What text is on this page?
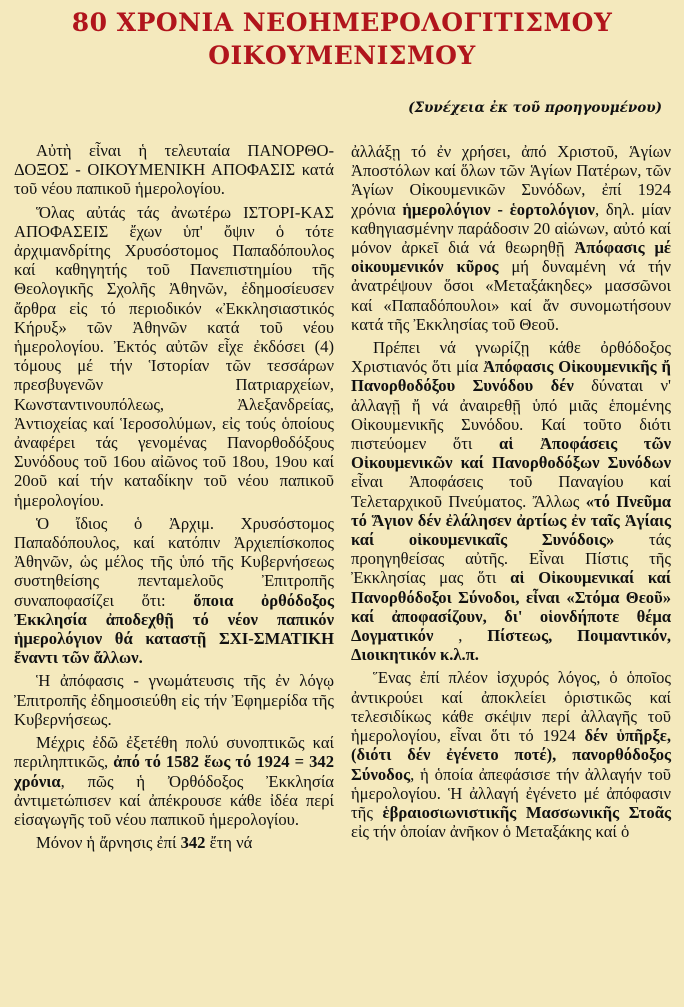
80 ΧΡΟΝΙΑ ΝΕΟΗΜΕΡΟΛΟΓΙΤΙΣΜΟΥ
ΟΙΚΟΥΜΕΝΙΣΜΟΥ
(Συνέχεια ἐκ τοῦ προηγουμένου)

Αὐτὴ εἶναι ἡ τελευταία ΠΑΝΟΡΘΟ-ΔΟΞΟΣ - ΟΙΚΟΥΜΕΝΙΚΗ ΑΠΟΦΑΣΙΣ κατά τοῦ νέου παπικοῦ ἡμερολογίου.

Ὅλας αὐτάς τάς ἀνωτέρω ΙΣΤΟΡΙ-ΚΑΣ ΑΠΟΦΑΣΕΙΣ ἔχων ὑπ' ὄψιν ὁ τότε ἀρχιμανδρίτης Χρυσόστομος Παπαδόπουλος καί καθηγητής τοῦ Πανεπιστημίου τῆς Θεολογικῆς Σχολῆς Ἀθηνῶν, ἐδημοσίευσεν ἄρθρα εἰς τό περιοδικόν «Ἐκκλησιαστικός Κήρυξ» τῶν Ἀθηνῶν κατά τοῦ νέου ἡμερολογίου. Ἐκτός αὐτῶν εἶχε ἐκδόσει (4) τόμους μέ τήν Ἱστορίαν τῶν τεσσάρων πρεσβυγενῶν Πατριαρχείων, Κωνσταντινουπόλεως, Ἀλεξανδρείας, Ἀντιοχείας καί Ἱεροσολύμων, εἰς τούς ὁποίους ἀναφέρει τάς γενομένας Πανορθοδόξους Συνόδους τοῦ 16ου αἰῶνος τοῦ 18ου, 19ου καί 20οῦ καί τήν καταδίκην τοῦ νέου παπικοῦ ἡμερολογίου.

Ὁ ἴδιος ὁ Ἀρχιμ. Χρυσόστομος Παπαδόπουλος, καί κατόπιν Ἀρχιεπίσκοπος Ἀθηνῶν, ὡς μέλος τῆς ὑπό τῆς Κυβερνήσεως συστηθείσης πενταμελοῦς Ἐπιτροπῆς συναποφασίζει ὅτι: ὅποια ὀρθόδοξος Ἐκκλησία ἀποδεχθῇ τό νέον παπικόν ἡμερολόγιον θά καταστῇ ΣΧΙ-ΣΜΑΤΙΚΗ ἔναντι τῶν ἄλλων.

Ἡ ἀπόφασις - γνωμάτευσις τῆς ἐν λόγῳ Ἐπιτροπῆς ἐδημοσιεύθη εἰς τήν Ἐφημερίδα τῆς Κυβερνήσεως.

Μέχρις ἐδῶ ἐξετέθη πολύ συνοπτικῶς καί περιληπτικῶς, ἀπό τό 1582 ἕως τό 1924 = 342 χρόνια, πῶς ἡ Ὀρθόδοξος Ἐκκλησία ἀντιμετώπισεν καί ἀπέκρουσε κάθε ἰδέα περί εἰσαγωγῆς τοῦ νέου παπικοῦ ἡμερολογίου.

Μόνον ἡ ἄρνησις ἐπί 342 ἔτη νά

ἀλλάξῃ τό ἐν χρήσει, ἀπό Χριστοῦ, Ἁγίων Ἀποστόλων καί ὅλων τῶν Ἁγίων Πατέρων, τῶν Ἁγίων Οἰκουμενικῶν Συνόδων, ἐπί 1924 χρόνια ἡμερολόγιον - ἑορτολόγιον, δηλ. μίαν καθηγιασμένην παράδοσιν 20 αἰώνων, αὐτό καί μόνον ἀρκεῖ διά νά θεωρηθῇ Ἀπόφασις μέ οἰκουμενικόν κῦρος μή δυναμένη νά τήν ἀνατρέψουν ὅσοι «Μεταξάκηδες» μασσῶνοι καί «Παπαδόπουλοι» καί ἄν συνομωτήσουν κατά τῆς Ἐκκλησίας τοῦ Θεοῦ.

Πρέπει νά γνωρίζῃ κάθε ὀρθόδοξος Χριστιανός ὅτι μία Ἀπόφασις Οἰκουμενικῆς ἤ Πανορθοδόξου Συνόδου δέν δύναται ν' ἀλλαγῇ ἤ νά ἀναιρεθῇ ὑπό μιᾶς ἑπομένης Οἰκουμενικῆς Συνόδου. Καί τοῦτο διότι πιστεύομεν ὅτι αἱ Ἀποφάσεις τῶν Οἰκουμενικῶν καί Πανορθοδόξων Συνόδων εἶναι Ἀποφάσεις τοῦ Παναγίου καί Τελεταρχικοῦ Πνεύματος. Ἄλλως «τό Πνεῦμα τό Ἅγιον δέν ἐλάλησεν ἀρτίως ἐν ταῖς Ἁγίαις καί οἰκουμενικαῖς Συνόδοις» τάς προηγηθείσας αὐτῆς. Εἶναι Πίστις τῆς Ἐκκλησίας μας ὅτι αἱ Οἰκουμενικαί καί Πανορθόδοξοι Σύνοδοι, εἶναι «Στόμα Θεοῦ» καί ἀποφασίζουν, δι' οἱονδήποτε θέμα Δογματικόν , Πίστεως, Ποιμαντικόν, Διοικητικόν κ.λ.π.

Ἕνας ἐπί πλέον ἰσχυρός λόγος, ὁ ὁποῖος ἀντικρούει καί ἀποκλείει ὁριστικῶς καί τελεσιδίκως κάθε σκέψιν περί ἀλλαγῆς τοῦ ἡμερολογίου, εἶναι ὅτι τό 1924 δέν ὑπῆρξε, (διότι δέν ἐγένετο ποτέ), πανορθόδοξος Σύνοδος, ἡ ὁποία ἀπεφάσισε τήν ἀλλαγήν τοῦ ἡμερολογίου. Ἡ ἀλλαγή ἐγένετο μέ ἀπόφασιν τῆς ἑβραιοσιωνιστικῆς Μασσωνικῆς Στοᾶς εἰς τήν ὁποίαν ἀνῆκον ὁ Μεταξάκης καί ὁ
